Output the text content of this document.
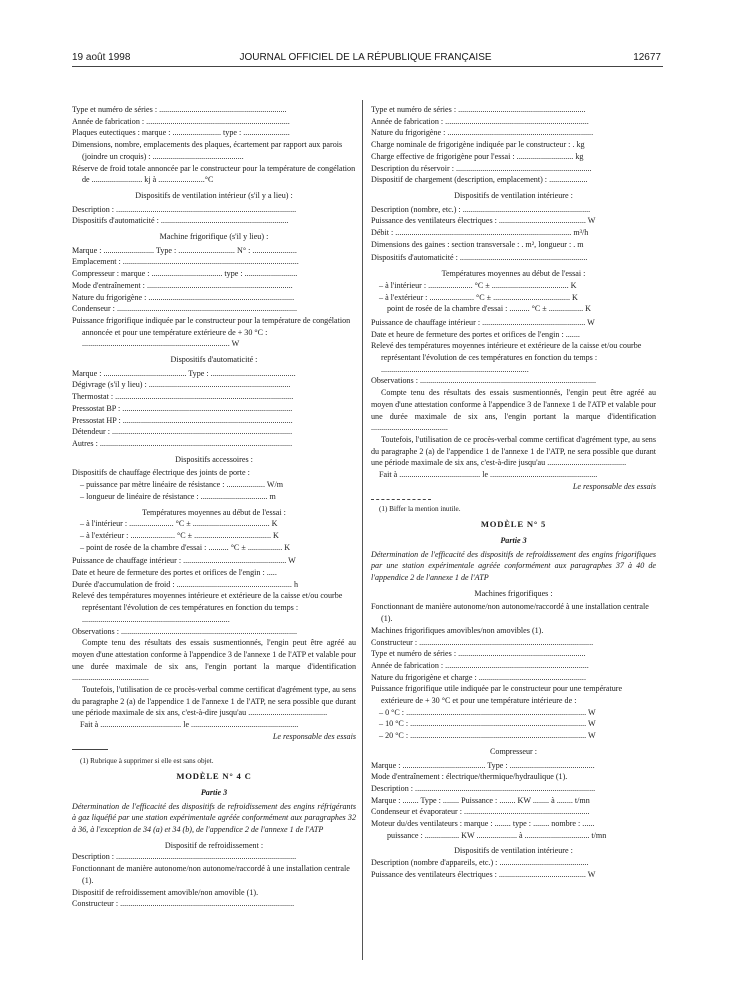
19 août 1998	JOURNAL OFFICIEL DE LA RÉPUBLIQUE FRANÇAISE	12677

Type et numéro de séries : ...............................................................

Année de fabrication : .......................................................................

Plaques eutectiques : marque : ........................ type : .......................

Dimensions, nombre, emplacements des plaques, écartement par rapport aux parois (joindre un croquis) : .............................................

Réserve de froid totale annoncée par le constructeur pour la température de congélation de ......................... kj à .......................°C

Dispositifs de ventilation intérieur (s'il y a lieu) :

Description : .........................................................................................

Dispositifs d'automaticité : ...............................................................

Machine frigorifique (s'il y lieu) :

Marque : ......................... Type : ............................ N° : ......................

Emplacement : .......................................................................................

Compresseur : marque : ................................... type : ..........................

Mode d'entraînement : ........................................................................

Nature du frigorigène : ........................................................................

Condenseur : .........................................................................................

Puissance frigorifique indiquée par le constructeur pour la température de congélation annoncée et pour une température extérieure de + 30 °C : ......................................................................... W

Dispositifs d'automaticité :

Marque : ......................................... Type : ..........................................

Dégivrage (s'il y lieu) : ......................................................................

Thermostat : ........................................................................................

Pressostat BP : ....................................................................................

Pressostat HP : ....................................................................................

Détendeur : .........................................................................................

Autres : ...............................................................................................

Dispositifs accessoires :

Dispositifs de chauffage électrique des joints de porte :

– puissance par mètre linéaire de résistance : ................... W/m

– longueur de linéaire de résistance : ................................. m

Températures moyennes au début de l'essai :

– à l'intérieur : ...................... °C ± ...................................... K

– à l'extérieur : ...................... °C ± ...................................... K

– point de rosée de la chambre d'essai : .......... °C ± ................. K

Puissance de chauffage intérieur : ................................................... W

Date et heure de fermeture des portes et orifices de l'engin : .....

Durée d'accumulation de froid : ......................................................... h

Relevé des températures moyennes intérieure et extérieure de la caisse et/ou courbe représentant l'évolution de ces températures en fonction du temps : .........................................................................

Observations : .......................................................................................

Compte tenu des résultats des essais susmentionnés, l'engin peut être agréé au moyen d'une attestation conforme à l'appendice 3 de l'annexe 1 de l'ATP et valable pour une durée maximale de six ans, l'engin portant la marque d'identification ......................................

Toutefois, l'utilisation de ce procès-verbal comme certificat d'agrément type, au sens du paragraphe 2 (a) de l'appendice 1 de l'annexe 1 de l'ATP, ne sera possible que durant une période maximale de six ans, c'est-à-dire jusqu'au .......................................

Fait à ........................................ le .....................................................

Le responsable des essais

(1) Rubrique à supprimer si elle est sans objet.

MODÈLE N° 4 C

Partie 3

Détermination de l'efficacité des dispositifs de refroidissement des engins réfrigérants à gaz liquéfié par une station expérimentale agréée conformément aux paragraphes 32 à 36, à l'exception de 34 (a) et 34 (b), de l'appendice 2 de l'annexe 1 de l'ATP

Dispositif de refroidissement :

Description : .........................................................................................

Fonctionnant de manière autonome/non autonome/raccordé à une installation centrale (1).

Dispositif de refroidissement amovible/non amovible (1).

Constructeur : ......................................................................................

Type et numéro de séries : ...............................................................

Année de fabrication : .......................................................................

Nature du frigorigène : ........................................................................

Charge nominale de frigorigène indiquée par le constructeur : . kg

Charge effective de frigorigène pour l'essai : ............................ kg

Description du réservoir : ...................................................................

Dispositif de chargement (description, emplacement) : ...................

Dispositifs de ventilation intérieure :

Description (nombre, etc.) : ...............................................................

Puissance des ventilateurs électriques : ........................................... W

Débit : ....................................................................................... m³/h

Dimensions des gaines : section transversale : . m², longueur : . m

Dispositifs d'automaticité : ...............................................................

Températures moyennes au début de l'essai :

– à l'intérieur : ...................... °C ± ...................................... K

– à l'extérieur : ...................... °C ± ...................................... K

point de rosée de la chambre d'essai : .......... °C ± ................. K

Puissance de chauffage intérieur : ................................................... W

Date et heure de fermeture des portes et orifices de l'engin : .......

Relevé des températures moyennes intérieure et extérieure de la caisse et/ou courbe représentant l'évolution de ces températures en fonction du temps : .........................................................................

Observations : .......................................................................................

Compte tenu des résultats des essais susmentionnés, l'engin peut être agréé au moyen d'une attestation conforme à l'appendice 3 de l'annexe 1 de l'ATP et valable pour une durée maximale de six ans, l'engin portant la marque d'identification ......................................

Toutefois, l'utilisation de ce procès-verbal comme certificat d'agrément type, au sens du paragraphe 2 (a) de l'appendice 1 de l'annexe 1 de l'ATP, ne sera possible que durant une période maximale de six ans, c'est-à-dire jusqu'au .......................................

Fait à ........................................ le .....................................................

Le responsable des essais

(1) Biffer la mention inutile.

MODÈLE N° 5

Partie 3

Détermination de l'efficacité des dispositifs de refroidissement des engins frigorifiques par une station expérimentale agréée conformément aux paragraphes 37 à 40 de l'appendice 2 de l'annexe 1 de l'ATP

Machines frigorifiques :

Fonctionnant de manière autonome/non autonome/raccordé à une installation centrale (1).

Machines frigorifiques amovibles/non amovibles (1).

Constructeur : ......................................................................................

Type et numéro de séries : ...............................................................

Année de fabrication : .......................................................................

Nature du frigorigène et charge : .....................................................

Puissance frigorifique utile indiquée par le constructeur pour une température extérieure de + 30 °C et pour une température intérieure de :

– 0 °C : ......................................................................................... W

– 10 °C : ....................................................................................... W

– 20 °C : ....................................................................................... W

Compresseur :

Marque : ......................................... Type : ..........................................

Mode d'entraînement : électrique/thermique/hydraulique (1).

Description : .........................................................................................

Marque : ........ Type : ........ Puissance : ........ KW ........ à ........ t/mn

Condenseur et évaporateur : ..............................................................

Moteur du/des ventilateurs : marque : ........ type : ........ nombre : ......

puissance : ................. KW .................... à ................................ t/mn

Dispositifs de ventilation intérieure :

Description (nombre d'appareils, etc.) : ............................................

Puissance des ventilateurs électriques : ........................................... W
